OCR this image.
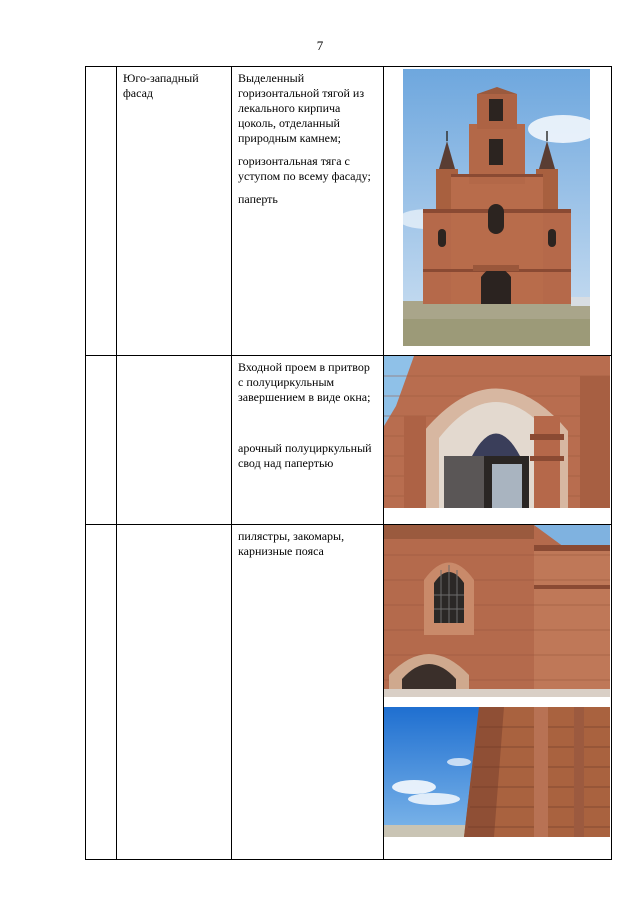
7

	Юго-западный фасад	Выделенный горизонтальной тягой из лекального кирпича цоколь, отделанный природным камнем;

горизонтальная тяга с уступом по всему фасаду;

паперть

		Входной проем в притвор с полуциркульным завершением в виде окна;

арочный полуциркульный свод над папертью

		пилястры, закомары, карнизные пояса
